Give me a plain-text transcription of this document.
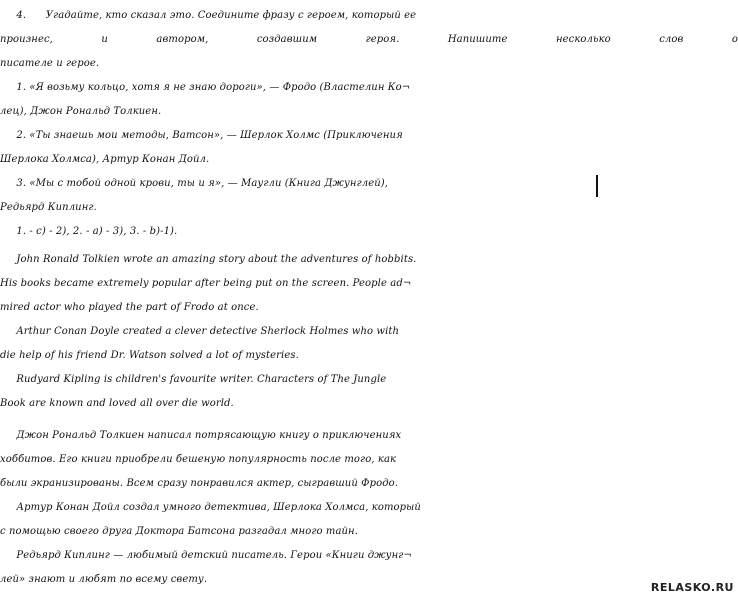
4.      Угадайте, кто сказал это. Соедините фразу с героем, который ее
произнес, и автором, создавшим героя. Напишите несколько слов о
писателе и герое.
1. «Я возьму кольцо, хотя я не знаю дороги», — Фродо (Властелин Ко¬
лец), Джон Рональд Толкиен.
2. «Ты знаешь мои методы, Ватсон», — Шерлок Холмс (Приключения
Шерлока Холмса), Артур Конан Дойл.
3. «Мы с тобой одной крови, ты и я», — Маугли (Книга Джунглей),
Редьярд Киплинг.
1. - с) - 2), 2. - а) - 3), 3. - b)-1).
John Ronald Tolkien wrote an amazing story about the adventures of hobbits.
His books became extremely popular after being put on the screen. People ad¬
mired actor who played the part of Frodo at once.
Arthur Conan Doyle created a clever detective Sherlock Holmes who with
die help of his friend Dr. Watson solved a lot of mysteries.
Rudyard Kipling is children's favourite writer. Characters of The Jungle
Book are known and loved all over die world.
Джон Рональд Толкиен написал потрясающую книгу о приключениях
хоббитов. Его книги приобрели бешеную популярность после того, как
были экранизированы. Всем сразу понравился актер, сыгравший Фродо.
Артур Конан Дойл создал умного детектива, Шерлока Холмса, который
с помощью своего друга Доктора Батсона разгадал много тайн.
Редьярд Киплинг — любимый детский писатель. Герои «Книги джунг¬
лей» знают и любят по всему свету.
RELASKO.RU
